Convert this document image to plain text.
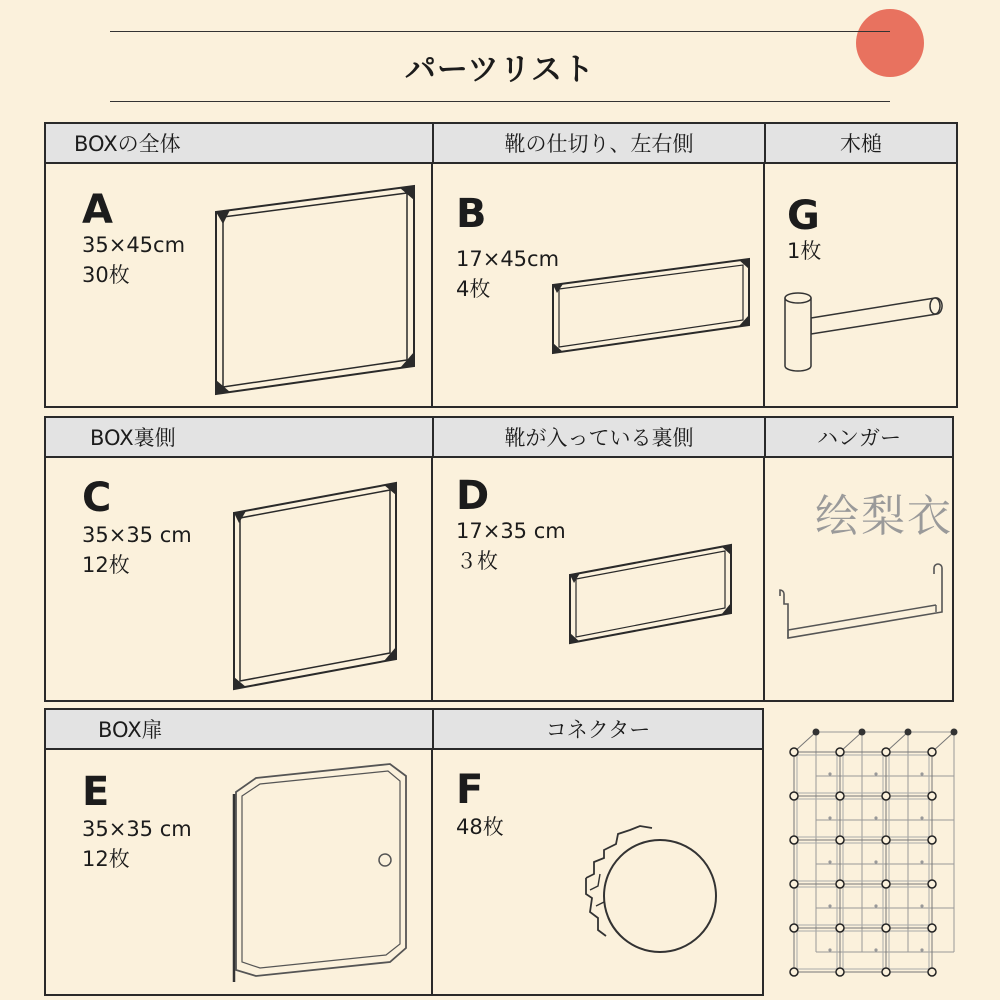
パーツリスト
BOXの全体	靴の仕切り、左右側	木槌
A
35×45cm
30枚
B
17×45cm
4枚
G
1枚
BOX裏側	靴が入っている裏側	ハンガー
C
35×35 cm
12枚
D
17×35 cm
３枚
绘梨衣
BOX扉	コネクター
E
35×35 cm
12枚
F
48枚
